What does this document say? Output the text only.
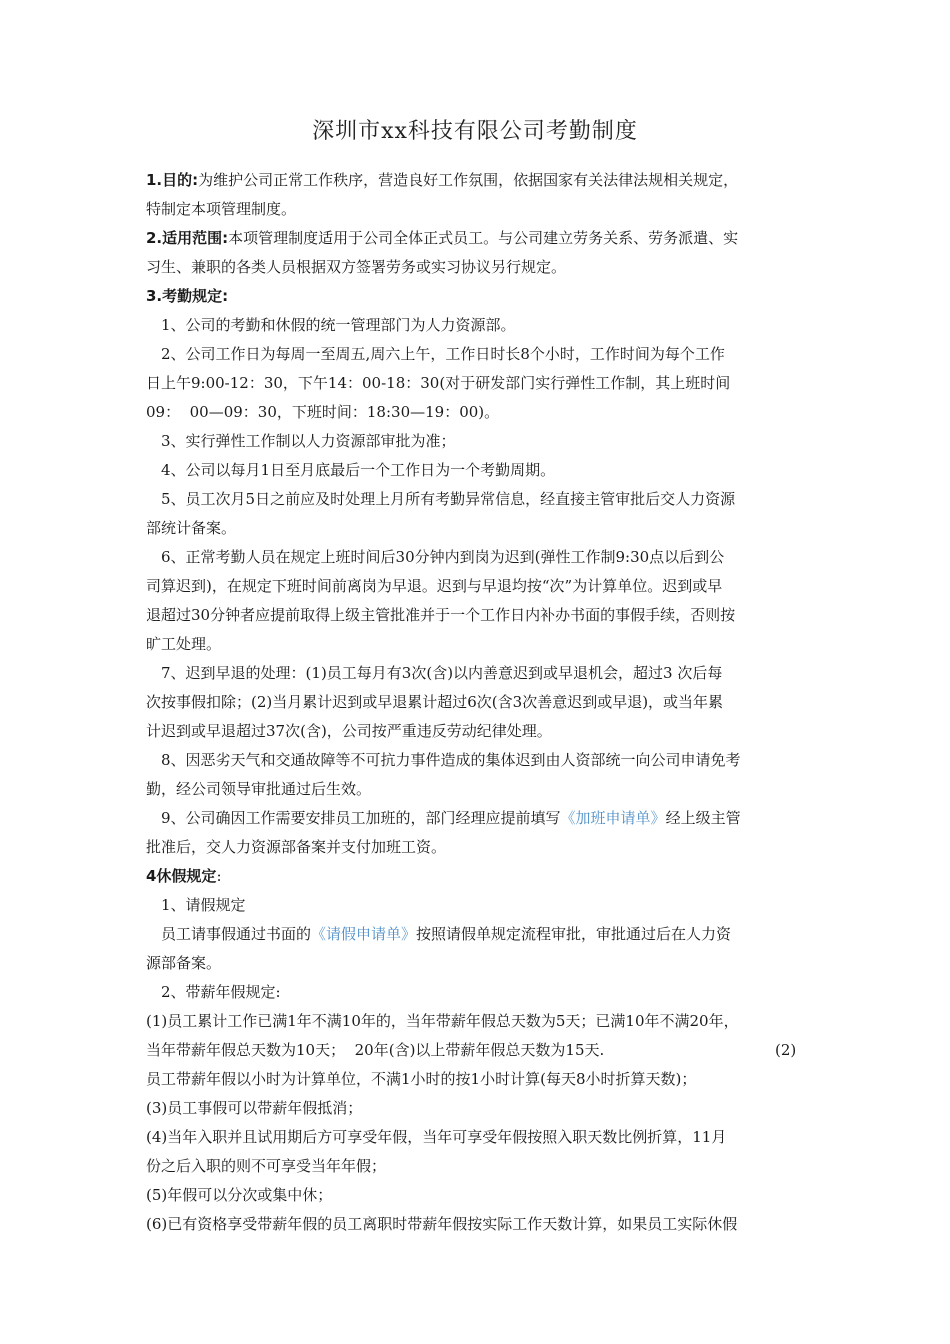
深圳市xx科技有限公司考勤制度
1.目的:为维护公司正常工作秩序，营造良好工作氛围，依据国家有关法律法规相关规定，
特制定本项管理制度。
2.适用范围:本项管理制度适用于公司全体正式员工。与公司建立劳务关系、劳务派遣、实
习生、兼职的各类人员根据双方签署劳务或实习协议另行规定。
3.考勤规定:
1、公司的考勤和休假的统一管理部门为人力资源部。
2、公司工作日为每周一至周五,周六上午，工作日时长8个小时，工作时间为每个工作
日上午9:00-12：30，下午14：00-18：30(对于研发部门实行弹性工作制，其上班时间
09：  00—09：30，下班时间：18:30—19：00)。
3、实行弹性工作制以人力资源部审批为准；
4、公司以每月1日至月底最后一个工作日为一个考勤周期。
5、员工次月5日之前应及时处理上月所有考勤异常信息，经直接主管审批后交人力资源
部统计备案。
6、正常考勤人员在规定上班时间后30分钟内到岗为迟到(弹性工作制9:30点以后到公
司算迟到)，在规定下班时间前离岗为早退。迟到与早退均按“次”为计算单位。迟到或早
退超过30分钟者应提前取得上级主管批准并于一个工作日内补办书面的事假手续，否则按
旷工处理。
7、迟到早退的处理：(1)员工每月有3次(含)以内善意迟到或早退机会，超过3 次后每
次按事假扣除；(2)当月累计迟到或早退累计超过6次(含3次善意迟到或早退)，或当年累
计迟到或早退超过37次(含)，公司按严重违反劳动纪律处理。
8、因恶劣天气和交通故障等不可抗力事件造成的集体迟到由人资部统一向公司申请免考
勤，经公司领导审批通过后生效。
9、公司确因工作需要安排员工加班的，部门经理应提前填写《加班申请单》经上级主管
批准后，交人力资源部备案并支付加班工资。
4休假规定:
1、请假规定
员工请事假通过书面的《请假申请单》按照请假单规定流程审批，审批通过后在人力资
源部备案。
2、带薪年假规定:
(1)员工累计工作已满1年不满10年的，当年带薪年假总天数为5天；已满10年不满20年，
当年带薪年假总天数为10天；  20年(含)以上带薪年假总天数为15天.	(2)
员工带薪年假以小时为计算单位，不满1小时的按1小时计算(每天8小时折算天数)；
(3)员工事假可以带薪年假抵消；
(4)当年入职并且试用期后方可享受年假，当年可享受年假按照入职天数比例折算，11月
份之后入职的则不可享受当年年假；
(5)年假可以分次或集中休；
(6)已有资格享受带薪年假的员工离职时带薪年假按实际工作天数计算，如果员工实际休假
